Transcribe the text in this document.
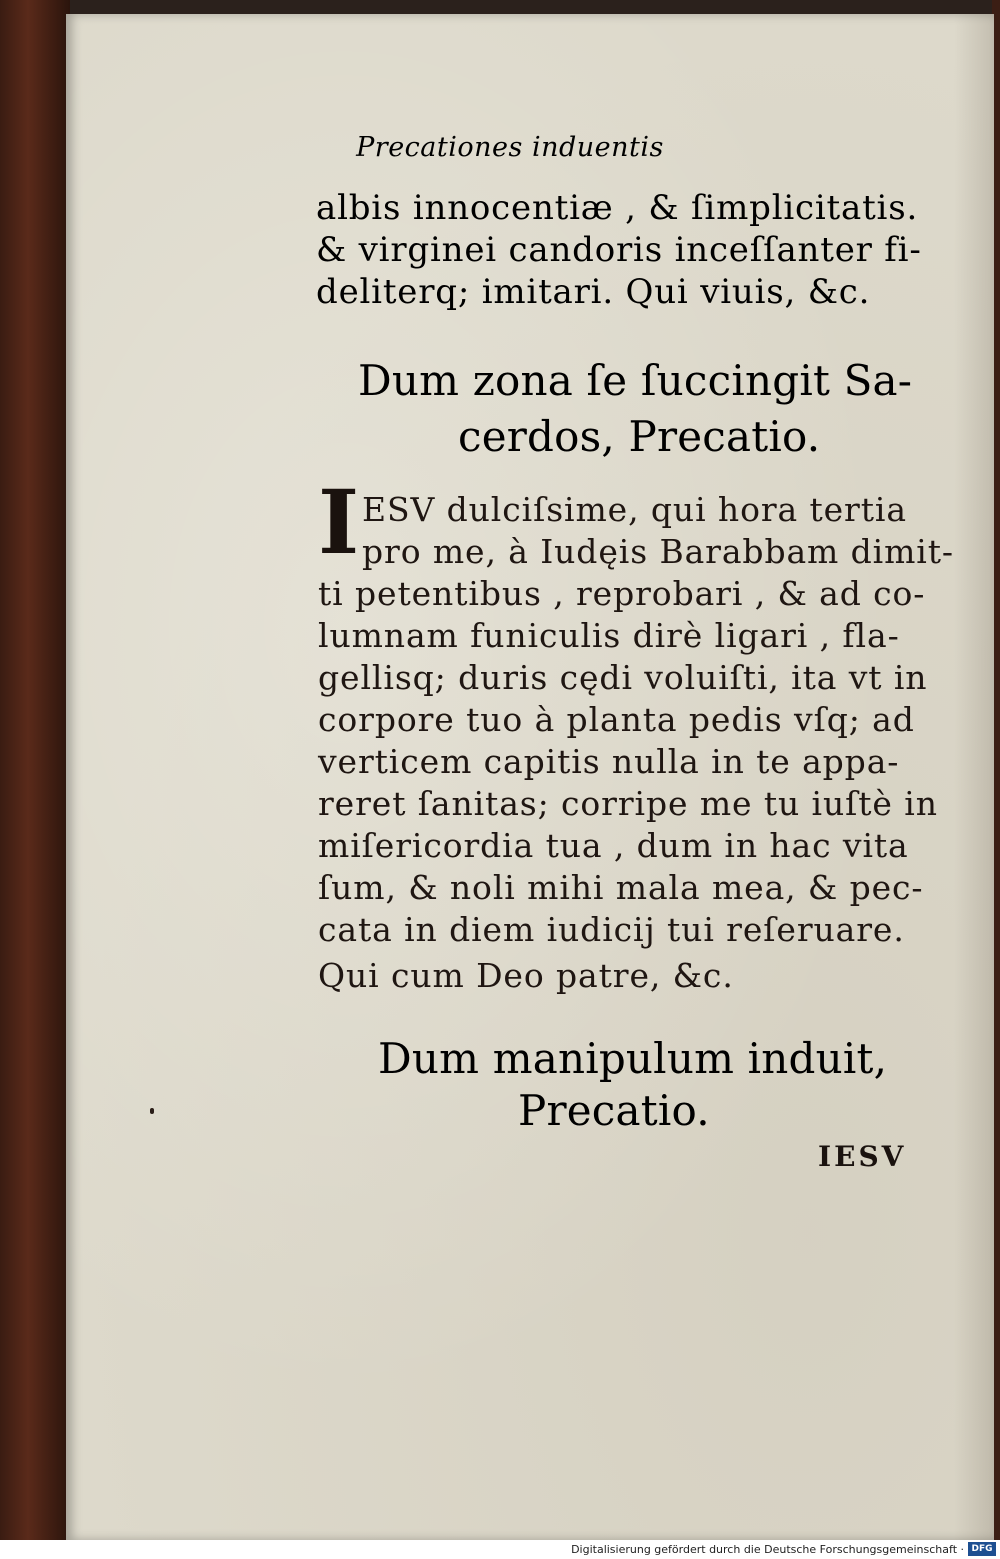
Precationes induentis
albis innocentiæ , & ſimplicitatis.
& virginei candoris inceſſanter fi-
deliterq; imitari. Qui viuis, &c.
Dum zona ſe ſuccingit Sa-
cerdos, Precatio.
I ESV dulciſsime, qui hora tertia
pro me, à Iudęis Barabbam dimit-
ti petentibus , reprobari , & ad co-
lumnam funiculis dirè ligari , fla-
gellisq; duris cędi voluiſti, ita vt in
corpore tuo à planta pedis vſq; ad
verticem capitis nulla in te appa-
reret ſanitas; corripe me tu iuſtè in
miſericordia tua , dum in hac vita
ſum, & noli mihi mala mea, & pec-
cata in diem iudicij tui reſeruare.
Qui cum Deo patre, &c.
Dum manipulum induit,
Precatio.
IESV
Digitalisierung gefördert durch die Deutsche Forschungsgemeinschaft · DFG
